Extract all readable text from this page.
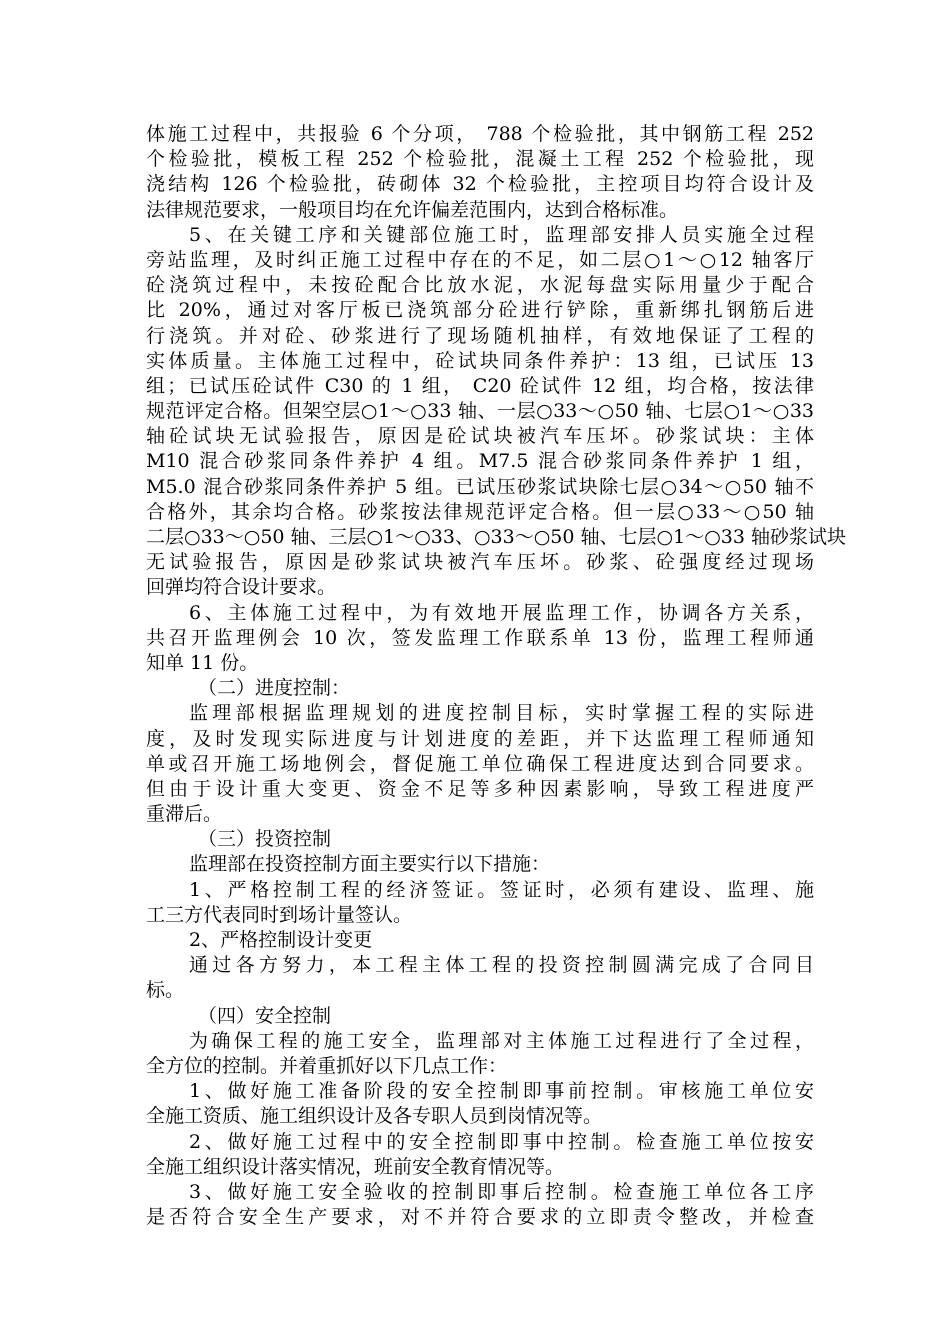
体施工过程中，共报验 6 个分项， 788 个检验批，其中钢筋工程 252
个检验批，模板工程 252 个检验批，混凝土工程 252 个检验批，现
浇结构 126 个检验批，砖砌体 32 个检验批，主控项目均符合设计及
法律规范要求，一般项目均在允许偏差范围内，达到合格标准。
5、在关键工序和关键部位施工时，监理部安排人员实施全过程
旁站监理，及时纠正施工过程中存在的不足，如二层○1～○12 轴客厅
砼浇筑过程中，未按砼配合比放水泥，水泥每盘实际用量少于配合
比 20%，通过对客厅板已浇筑部分砼进行铲除，重新绑扎钢筋后进
行浇筑。并对砼、砂浆进行了现场随机抽样，有效地保证了工程的
实体质量。主体施工过程中，砼试块同条件养护：13 组，已试压 13
组；已试压砼试件 C30 的 1 组， C20 砼试件 12 组，均合格，按法律
规范评定合格。但架空层○1～○33 轴、一层○33～○50 轴、七层○1～○33
轴砼试块无试验报告，原因是砼试块被汽车压坏。砂浆试块：主体
M10 混合砂浆同条件养护 4 组。M7.5 混合砂浆同条件养护 1 组，
M5.0 混合砂浆同条件养护 5 组。已试压砂浆试块除七层○34～○50 轴不
合格外，其余均合格。砂浆按法律规范评定合格。但一层○33～○50 轴
二层○33～○50 轴、三层○1～○33、○33～○50 轴、七层○1～○33 轴砂浆试块
无试验报告，原因是砂浆试块被汽车压坏。砂浆、砼强度经过现场
回弹均符合设计要求。
6、主体施工过程中，为有效地开展监理工作，协调各方关系，
共召开监理例会 10 次，签发监理工作联系单 13 份，监理工程师通
知单 11 份。
（二）进度控制：
监理部根据监理规划的进度控制目标，实时掌握工程的实际进
度，及时发现实际进度与计划进度的差距，并下达监理工程师通知
单或召开施工场地例会，督促施工单位确保工程进度达到合同要求。
但由于设计重大变更、资金不足等多种因素影响，导致工程进度严
重滞后。
（三）投资控制
监理部在投资控制方面主要实行以下措施：
1、严格控制工程的经济签证。签证时，必须有建设、监理、施
工三方代表同时到场计量签认。
2、严格控制设计变更
通过各方努力，本工程主体工程的投资控制圆满完成了合同目
标。
（四）安全控制
为确保工程的施工安全，监理部对主体施工过程进行了全过程，
全方位的控制。并着重抓好以下几点工作：
1、做好施工准备阶段的安全控制即事前控制。审核施工单位安
全施工资质、施工组织设计及各专职人员到岗情况等。
2、做好施工过程中的安全控制即事中控制。检查施工单位按安
全施工组织设计落实情况，班前安全教育情况等。
3、做好施工安全验收的控制即事后控制。检查施工单位各工序
是否符合安全生产要求，对不并符合要求的立即责令整改，并检查
